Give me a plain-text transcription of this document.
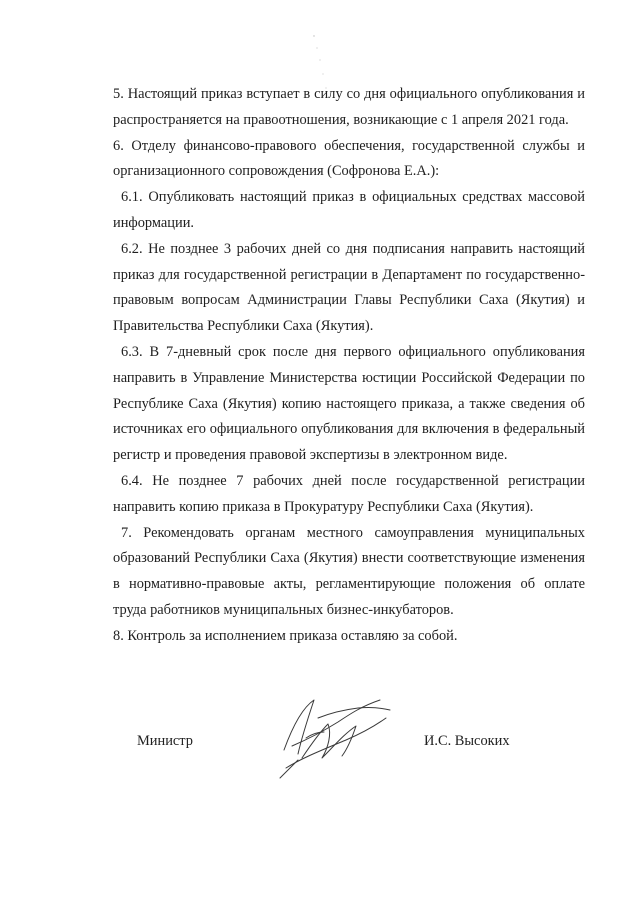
5. Настоящий приказ вступает в силу со дня официального опубликования и распространяется на правоотношения, возникающие с 1 апреля 2021 года.

6. Отделу финансово-правового обеспечения, государственной службы и организационного сопровождения (Софронова Е.А.):

6.1. Опубликовать настоящий приказ в официальных средствах массовой информации.

6.2. Не позднее 3 рабочих дней со дня подписания направить настоящий приказ для государственной регистрации в Департамент по государственно-правовым вопросам Администрации Главы Республики Саха (Якутия) и Правительства Республики Саха (Якутия).

6.3. В 7-дневный срок после дня первого официального опубликования направить в Управление Министерства юстиции Российской Федерации по Республике Саха (Якутия) копию настоящего приказа, а также сведения об источниках его официального опубликования для включения в федеральный регистр и проведения правовой экспертизы в электронном виде.

6.4. Не позднее 7 рабочих дней после государственной регистрации направить копию приказа в Прокуратуру Республики Саха (Якутия).

7. Рекомендовать органам местного самоуправления муниципальных образований Республики Саха (Якутия) внести соответствующие изменения в нормативно-правовые акты, регламентирующие положения об оплате труда работников муниципальных бизнес-инкубаторов.

8. Контроль за исполнением приказа оставляю за собой.

Министр	И.С. Высоких
